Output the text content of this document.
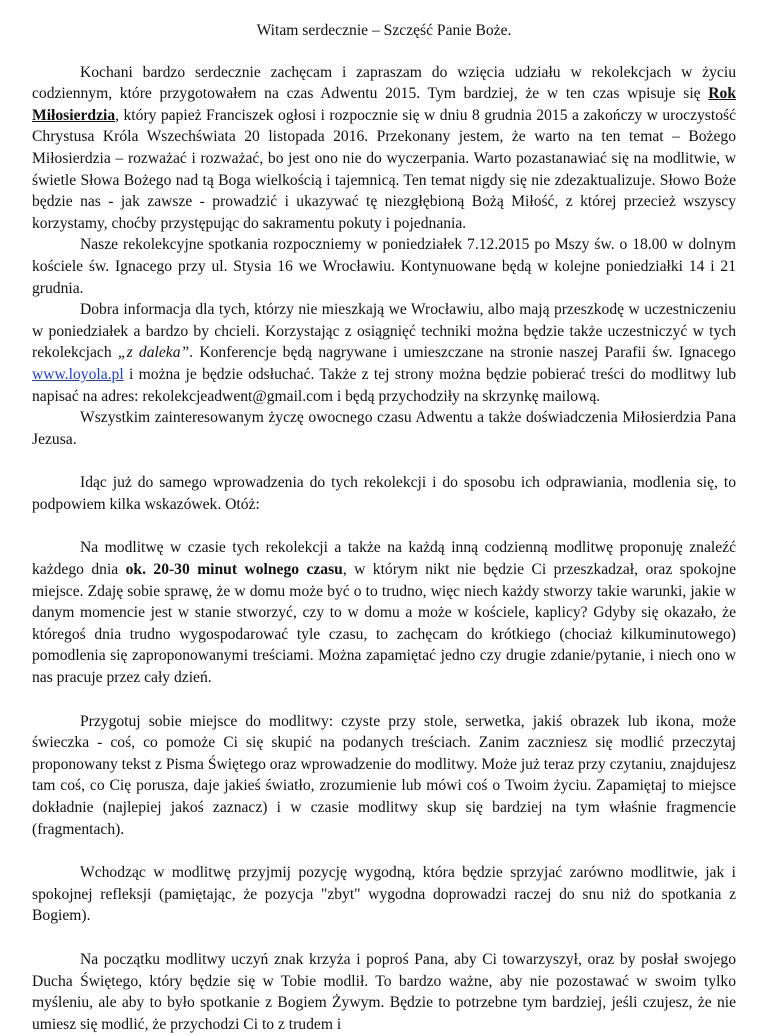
Witam serdecznie – Szczęść Panie Boże.

Kochani bardzo serdecznie zachęcam i zapraszam do wzięcia udziału w rekolekcjach w życiu codziennym, które przygotowałem na czas Adwentu 2015. Tym bardziej, że w ten czas wpisuje się Rok Miłosierdzia, który papież Franciszek ogłosi i rozpocznie się w dniu 8 grudnia 2015 a zakończy w uroczystość Chrystusa Króla Wszechświata 20 listopada 2016. Przekonany jestem, że warto na ten temat – Bożego Miłosierdzia – rozważać i rozważać, bo jest ono nie do wyczerpania. Warto pozastanawiać się na modlitwie, w świetle Słowa Bożego nad tą Boga wielkością i tajemnicą. Ten temat nigdy się nie zdezaktualizuje. Słowo Boże będzie nas - jak zawsze - prowadzić i ukazywać tę niezgłębioną Bożą Miłość, z której przecież wszyscy korzystamy, choćby przystępując do sakramentu pokuty i pojednania.

Nasze rekolekcyjne spotkania rozpoczniemy w poniedziałek 7.12.2015 po Mszy św. o 18.00 w dolnym kościele św. Ignacego przy ul. Stysia 16 we Wrocławiu. Kontynuowane będą w kolejne poniedziałki 14 i 21 grudnia.

Dobra informacja dla tych, którzy nie mieszkają we Wrocławiu, albo mają przeszkodę w uczestniczeniu w poniedziałek a bardzo by chcieli. Korzystając z osiągnięć techniki można będzie także uczestniczyć w tych rekolekcjach „z daleka”. Konferencje będą nagrywane i umieszczane na stronie naszej Parafii św. Ignacego www.loyola.pl i można je będzie odsłuchać. Także z tej strony można będzie pobierać treści do modlitwy lub napisać na adres: rekolekcjeadwent@gmail.com i będą przychodziły na skrzynkę mailową.

Wszystkim zainteresowanym życzę owocnego czasu Adwentu a także doświadczenia Miłosierdzia Pana Jezusa.

Idąc już do samego wprowadzenia do tych rekolekcji i do sposobu ich odprawiania, modlenia się, to podpowiem kilka wskazówek. Otóż:

Na modlitwę w czasie tych rekolekcji a także na każdą inną codzienną modlitwę proponuję znaleźć każdego dnia ok. 20-30 minut wolnego czasu, w którym nikt nie będzie Ci przeszkadzał, oraz spokojne miejsce. Zdaję sobie sprawę, że w domu może być o to trudno, więc niech każdy stworzy takie warunki, jakie w danym momencie jest w stanie stworzyć, czy to w domu a może w kościele, kaplicy? Gdyby się okazało, że któregoś dnia trudno wygospodarować tyle czasu, to zachęcam do krótkiego (chociaż kilkuminutowego) pomodlenia się zaproponowanymi treściami. Można zapamiętać jedno czy drugie zdanie/pytanie, i niech ono w nas pracuje przez cały dzień.

Przygotuj sobie miejsce do modlitwy: czyste przy stole, serwetka, jakiś obrazek lub ikona, może świeczka - coś, co pomoże Ci się skupić na podanych treściach. Zanim zaczniesz się modlić przeczytaj proponowany tekst z Pisma Świętego oraz wprowadzenie do modlitwy. Może już teraz przy czytaniu, znajdujesz tam coś, co Cię porusza, daje jakieś światło, zrozumienie lub mówi coś o Twoim życiu. Zapamiętaj to miejsce dokładnie (najlepiej jakoś zaznacz) i w czasie modlitwy skup się bardziej na tym właśnie fragmencie (fragmentach).

Wchodząc w modlitwę przyjmij pozycję wygodną, która będzie sprzyjać zarówno modlitwie, jak i spokojnej refleksji (pamiętając, że pozycja "zbyt" wygodna doprowadzi raczej do snu niż do spotkania z Bogiem).

Na początku modlitwy uczyń znak krzyża i poproś Pana, aby Ci towarzyszył, oraz by posłał swojego Ducha Świętego, który będzie się w Tobie modlił. To bardzo ważne, aby nie pozostawać w swoim tylko myśleniu, ale aby to było spotkanie z Bogiem Żywym. Będzie to potrzebne tym bardziej, jeśli czujesz, że nie umiesz się modlić, że przychodzi Ci to z trudem i
